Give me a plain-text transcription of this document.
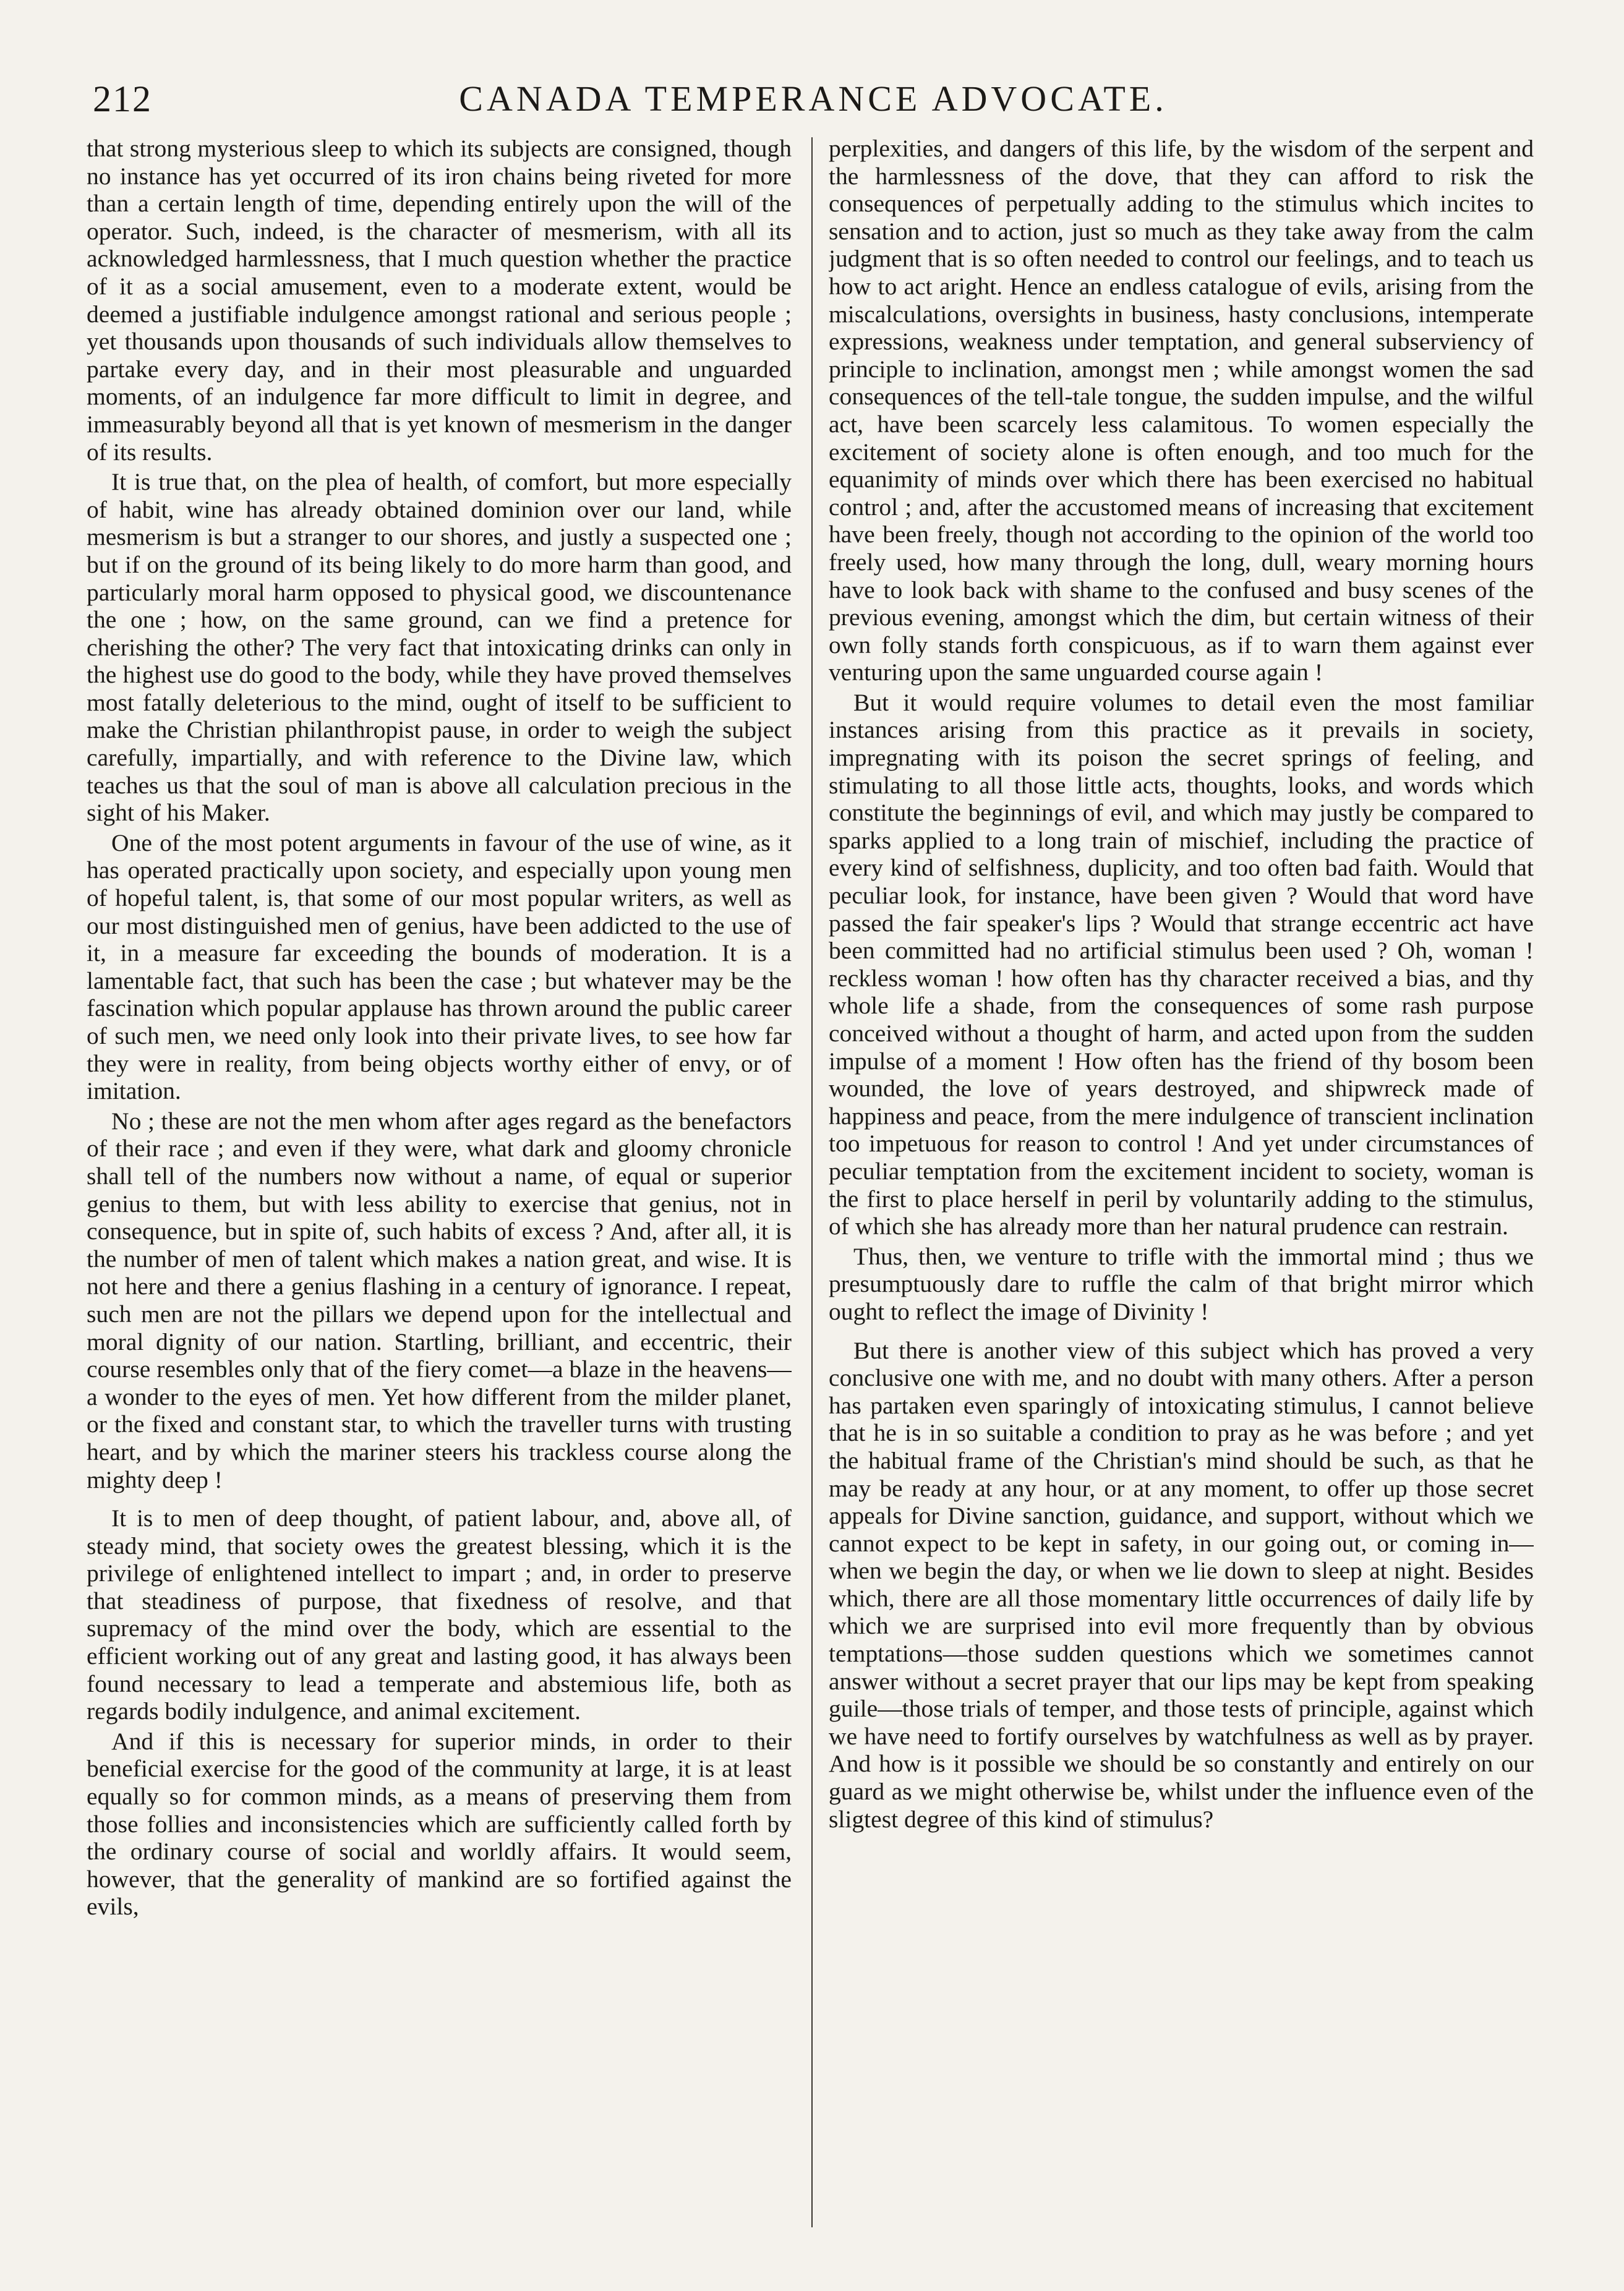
212	CANADA TEMPERANCE ADVOCATE.

that strong mysterious sleep to which its subjects are consigned, though no instance has yet occurred of its iron chains being riveted for more than a certain length of time, depending entirely upon the will of the operator. Such, indeed, is the character of mesmerism, with all its acknowledged harmlessness, that I much question whether the practice of it as a social amusement, even to a moderate extent, would be deemed a justifiable indulgence amongst rational and serious people ; yet thousands upon thousands of such individuals allow themselves to partake every day, and in their most pleasurable and unguarded moments, of an indulgence far more difficult to limit in degree, and immeasurably beyond all that is yet known of mesmerism in the danger of its results.

It is true that, on the plea of health, of comfort, but more especially of habit, wine has already obtained dominion over our land, while mesmerism is but a stranger to our shores, and justly a suspected one ; but if on the ground of its being likely to do more harm than good, and particularly moral harm opposed to physical good, we discountenance the one ; how, on the same ground, can we find a pretence for cherishing the other? The very fact that intoxicating drinks can only in the highest use do good to the body, while they have proved themselves most fatally deleterious to the mind, ought of itself to be sufficient to make the Christian philanthropist pause, in order to weigh the subject carefully, impartially, and with reference to the Divine law, which teaches us that the soul of man is above all calculation precious in the sight of his Maker.

One of the most potent arguments in favour of the use of wine, as it has operated practically upon society, and especially upon young men of hopeful talent, is, that some of our most popular writers, as well as our most distinguished men of genius, have been addicted to the use of it, in a measure far exceeding the bounds of moderation. It is a lamentable fact, that such has been the case ; but whatever may be the fascination which popular applause has thrown around the public career of such men, we need only look into their private lives, to see how far they were in reality, from being objects worthy either of envy, or of imitation.

No ; these are not the men whom after ages regard as the benefactors of their race ; and even if they were, what dark and gloomy chronicle shall tell of the numbers now without a name, of equal or superior genius to them, but with less ability to exercise that genius, not in consequence, but in spite of, such habits of excess ? And, after all, it is the number of men of talent which makes a nation great, and wise. It is not here and there a genius flashing in a century of ignorance. I repeat, such men are not the pillars we depend upon for the intellectual and moral dignity of our nation. Startling, brilliant, and eccentric, their course resembles only that of the fiery comet—a blaze in the heavens—a wonder to the eyes of men. Yet how different from the milder planet, or the fixed and constant star, to which the traveller turns with trusting heart, and by which the mariner steers his trackless course along the mighty deep !

It is to men of deep thought, of patient labour, and, above all, of steady mind, that society owes the greatest blessing, which it is the privilege of enlightened intellect to impart ; and, in order to preserve that steadiness of purpose, that fixedness of resolve, and that supremacy of the mind over the body, which are essential to the efficient working out of any great and lasting good, it has always been found necessary to lead a temperate and abstemious life, both as regards bodily indulgence, and animal excitement.

And if this is necessary for superior minds, in order to their beneficial exercise for the good of the community at large, it is at least equally so for common minds, as a means of preserving them from those follies and inconsistencies which are sufficiently called forth by the ordinary course of social and worldly affairs. It would seem, however, that the generality of mankind are so fortified against the evils,

perplexities, and dangers of this life, by the wisdom of the serpent and the harmlessness of the dove, that they can afford to risk the consequences of perpetually adding to the stimulus which incites to sensation and to action, just so much as they take away from the calm judgment that is so often needed to control our feelings, and to teach us how to act aright. Hence an endless catalogue of evils, arising from the miscalculations, oversights in business, hasty conclusions, intemperate expressions, weakness under temptation, and general subserviency of principle to inclination, amongst men ; while amongst women the sad consequences of the tell-tale tongue, the sudden impulse, and the wilful act, have been scarcely less calamitous. To women especially the excitement of society alone is often enough, and too much for the equanimity of minds over which there has been exercised no habitual control ; and, after the accustomed means of increasing that excitement have been freely, though not according to the opinion of the world too freely used, how many through the long, dull, weary morning hours have to look back with shame to the confused and busy scenes of the previous evening, amongst which the dim, but certain witness of their own folly stands forth conspicuous, as if to warn them against ever venturing upon the same unguarded course again !

But it would require volumes to detail even the most familiar instances arising from this practice as it prevails in society, impregnating with its poison the secret springs of feeling, and stimulating to all those little acts, thoughts, looks, and words which constitute the beginnings of evil, and which may justly be compared to sparks applied to a long train of mischief, including the practice of every kind of selfishness, duplicity, and too often bad faith. Would that peculiar look, for instance, have been given ? Would that word have passed the fair speaker's lips ? Would that strange eccentric act have been committed had no artificial stimulus been used ? Oh, woman ! reckless woman ! how often has thy character received a bias, and thy whole life a shade, from the consequences of some rash purpose conceived without a thought of harm, and acted upon from the sudden impulse of a moment ! How often has the friend of thy bosom been wounded, the love of years destroyed, and shipwreck made of happiness and peace, from the mere indulgence of transcient inclination too impetuous for reason to control ! And yet under circumstances of peculiar temptation from the excitement incident to society, woman is the first to place herself in peril by voluntarily adding to the stimulus, of which she has already more than her natural prudence can restrain.

Thus, then, we venture to trifle with the immortal mind ; thus we presumptuously dare to ruffle the calm of that bright mirror which ought to reflect the image of Divinity !

But there is another view of this subject which has proved a very conclusive one with me, and no doubt with many others. After a person has partaken even sparingly of intoxicating stimulus, I cannot believe that he is in so suitable a condition to pray as he was before ; and yet the habitual frame of the Christian's mind should be such, as that he may be ready at any hour, or at any moment, to offer up those secret appeals for Divine sanction, guidance, and support, without which we cannot expect to be kept in safety, in our going out, or coming in—when we begin the day, or when we lie down to sleep at night. Besides which, there are all those momentary little occurrences of daily life by which we are surprised into evil more frequently than by obvious temptations—those sudden questions which we sometimes cannot answer without a secret prayer that our lips may be kept from speaking guile—those trials of temper, and those tests of principle, against which we have need to fortify ourselves by watchfulness as well as by prayer. And how is it possible we should be so constantly and entirely on our guard as we might otherwise be, whilst under the influence even of the sligtest degree of this kind of stimulus?
